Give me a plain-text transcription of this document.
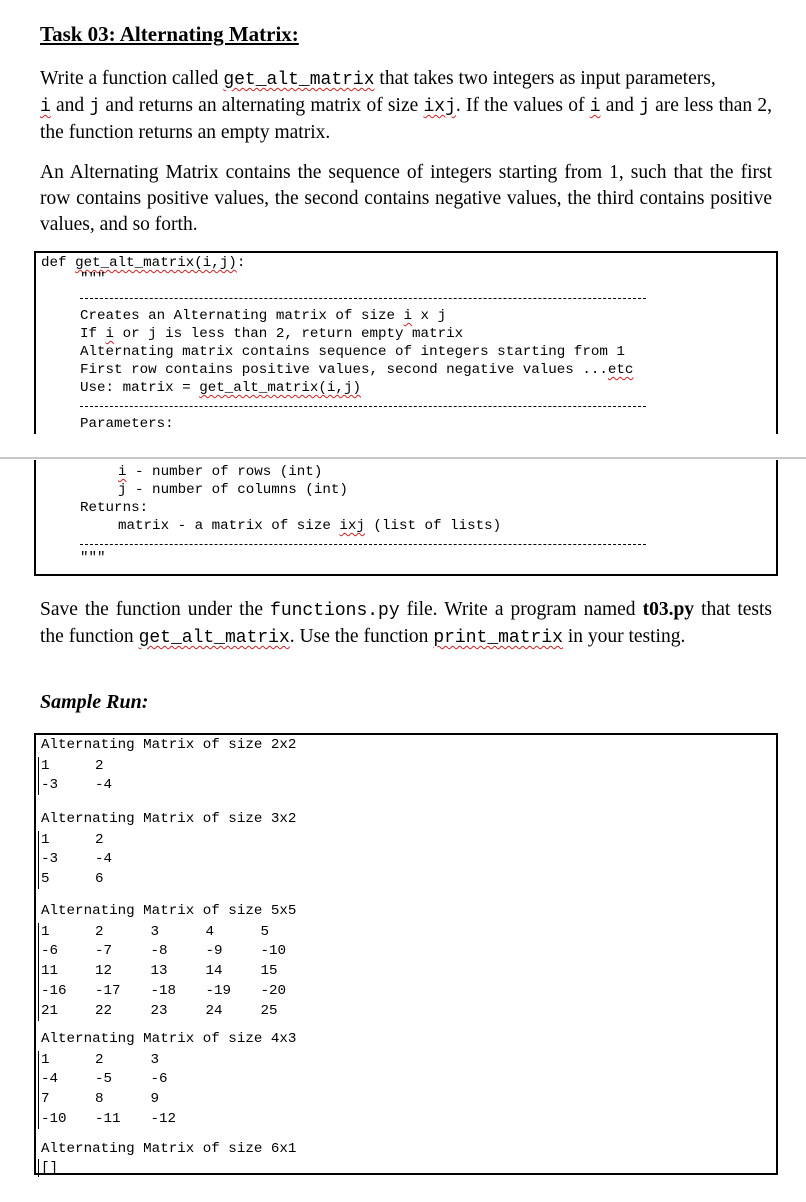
Task 03: Alternating Matrix:
Write a function called get_alt_matrix that takes two integers as input parameters,
i and j and returns an alternating matrix of size ixj. If the values of i and j are less than 2, the function returns an empty matrix.
An Alternating Matrix contains the sequence of integers starting from 1, such that the first row contains positive values, the second contains negative values, the third contains positive values, and so forth.
def get_alt_matrix(i,j):
"""
Creates an Alternating matrix of size i x j
If i or j is less than 2, return empty matrix
Alternating matrix contains sequence of integers starting from 1
First row contains positive values, second negative values ...etc
Use: matrix = get_alt_matrix(i,j)
Parameters:
i - number of rows (int)
j - number of columns (int)
Returns:
matrix - a matrix of size ixj (list of lists)
"""
Save the function under the functions.py file. Write a program named t03.py that tests the function get_alt_matrix. Use the function print_matrix in your testing.
Sample Run:
Alternating Matrix of size 2x2
1	2
-3	-4
Alternating Matrix of size 3x2
1	2
-3	-4
5	6
Alternating Matrix of size 5x5
1	2	3	4	5
-6	-7	-8	-9	-10
11	12	13	14	15
-16	-17	-18	-19	-20
21	22	23	24	25
Alternating Matrix of size 4x3
1	2	3
-4	-5	-6
7	8	9
-10	-11	-12
Alternating Matrix of size 6x1
[]
